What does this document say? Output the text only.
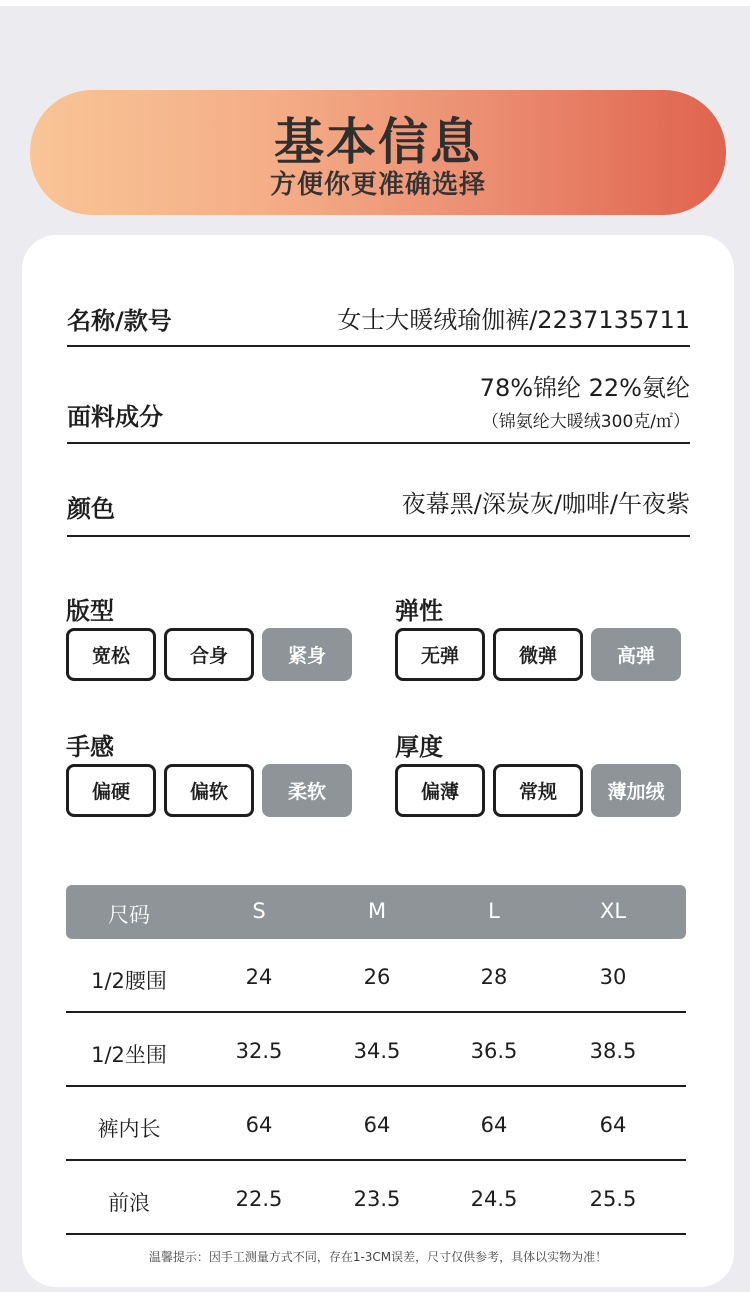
基本信息
方便你更准确选择
名称/款号	女士大暖绒瑜伽裤/2237135711
面料成分
78%锦纶 22%氨纶
（锦氨纶大暖绒300克/㎡）
颜色	夜幕黑/深炭灰/咖啡/午夜紫
版型
宽松	合身	紧身
弹性
无弹	微弹	高弹
手感
偏硬	偏软	柔软
厚度
偏薄	常规	薄加绒
尺码	S	M	L	XL
1/2腰围	24	26	28	30
1/2坐围	32.5	34.5	36.5	38.5
裤内长	64	64	64	64
前浪	22.5	23.5	24.5	25.5
温馨提示：因手工测量方式不同，存在1-3CM误差，尺寸仅供参考，具体以实物为准！
